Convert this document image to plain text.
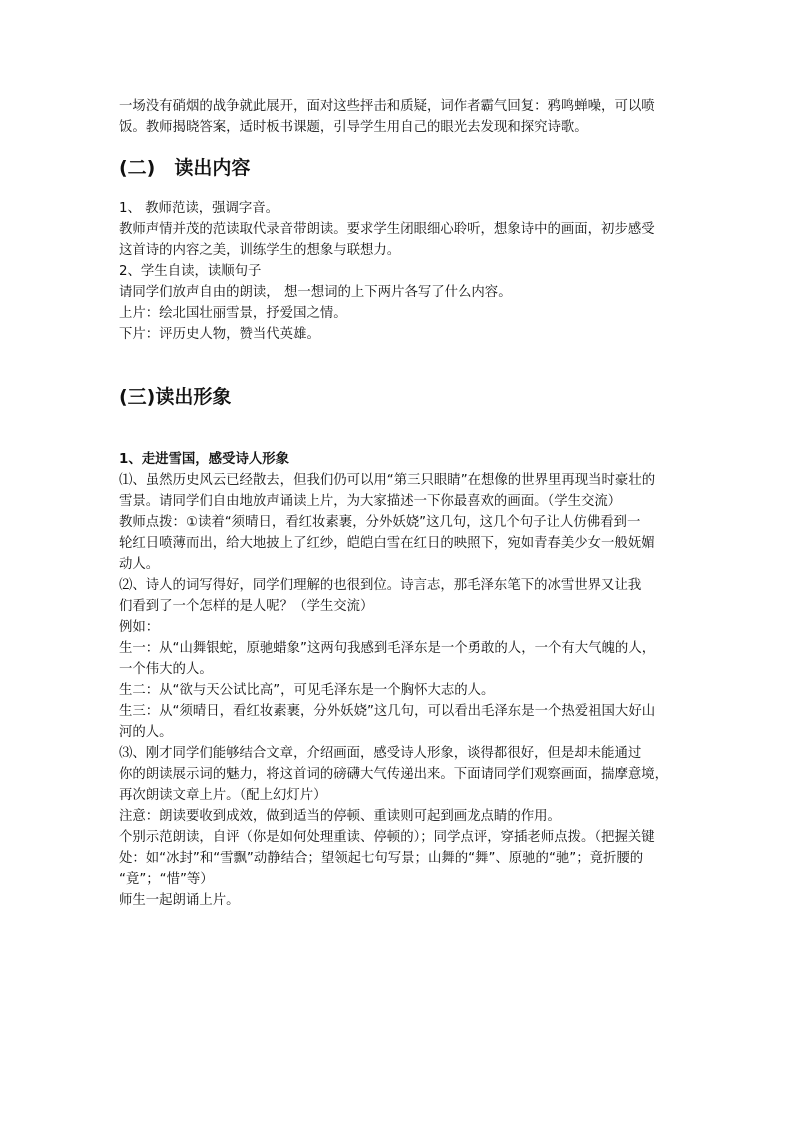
一场没有硝烟的战争就此展开，面对这些抨击和质疑，词作者霸气回复：鸦鸣蝉噪，可以喷

饭。教师揭晓答案，适时板书课题，引导学生用自己的眼光去发现和探究诗歌。

(二)　读出内容

1、 教师范读，强调字音。

教师声情并茂的范读取代录音带朗读。要求学生闭眼细心聆听，想象诗中的画面，初步感受

这首诗的内容之美，训练学生的想象与联想力。

2、学生自读，读顺句子

请同学们放声自由的朗读， 想一想词的上下两片各写了什么内容。

上片：绘北国壮丽雪景，抒爱国之情。

下片：评历史人物，赞当代英雄。

(三)读出形象

1、走进雪国，感受诗人形象

⑴、虽然历史风云已经散去，但我们仍可以用“第三只眼睛”在想像的世界里再现当时豪壮的

雪景。请同学们自由地放声诵读上片，为大家描述一下你最喜欢的画面。（学生交流）

教师点拨：①读着“须晴日，看红妆素裹，分外妖娆”这几句，这几个句子让人仿佛看到一

轮红日喷薄而出，给大地披上了红纱，皑皑白雪在红日的映照下，宛如青春美少女一般妩媚

动人。

⑵、诗人的词写得好，同学们理解的也很到位。诗言志，那毛泽东笔下的冰雪世界又让我

们看到了一个怎样的是人呢？（学生交流）

例如：

生一：从“山舞银蛇，原驰蜡象”这两句我感到毛泽东是一个勇敢的人，一个有大气魄的人，

一个伟大的人。

生二：从“欲与天公试比高”，可见毛泽东是一个胸怀大志的人。

生三：从“须晴日，看红妆素裹，分外妖娆”这几句，可以看出毛泽东是一个热爱祖国大好山

河的人。

⑶、刚才同学们能够结合文章，介绍画面，感受诗人形象，谈得都很好，但是却未能通过

你的朗读展示词的魅力，将这首词的磅礴大气传递出来。下面请同学们观察画面，揣摩意境，

再次朗读文章上片。（配上幻灯片）

注意：朗读要收到成效，做到适当的停顿、重读则可起到画龙点睛的作用。

个别示范朗读，自评（你是如何处理重读、停顿的）；同学点评，穿插老师点拨。（把握关键

处：如“冰封”和“雪飘”动静结合；望领起七句写景；山舞的“舞”、原驰的“驰”；竟折腰的

“竟”；“惜”等）

师生一起朗诵上片。
